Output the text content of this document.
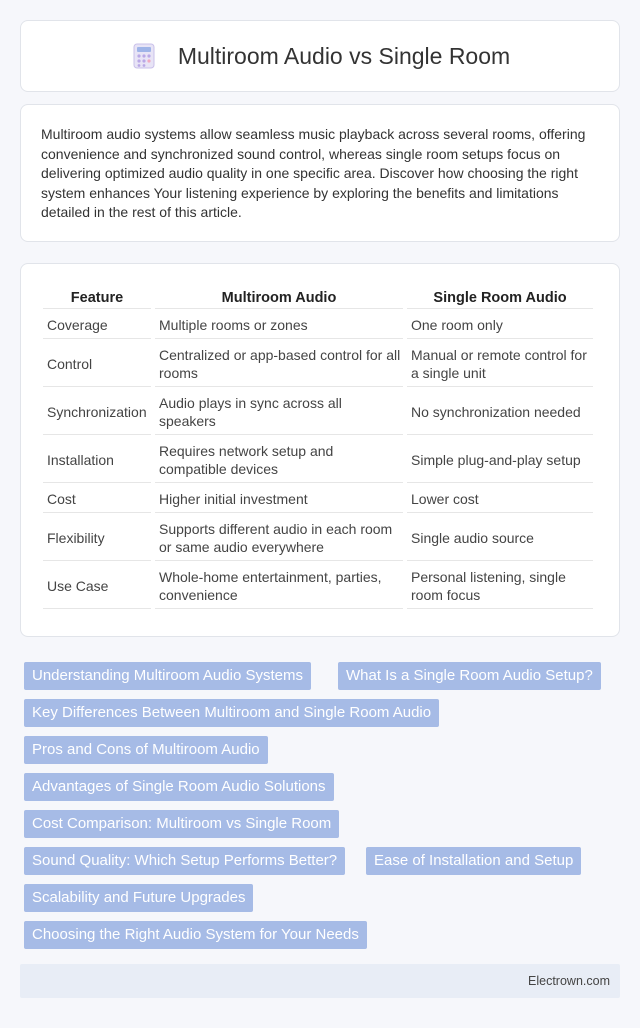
Multiroom Audio vs Single Room

Multiroom audio systems allow seamless music playback across several rooms, offering convenience and synchronized sound control, whereas single room setups focus on delivering optimized audio quality in one specific area. Discover how choosing the right system enhances Your listening experience by exploring the benefits and limitations detailed in the rest of this article.

Feature	Multiroom Audio	Single Room Audio
Coverage	Multiple rooms or zones	One room only
Control	Centralized or app-based control for all rooms	Manual or remote control for a single unit
Synchronization	Audio plays in sync across all speakers	No synchronization needed
Installation	Requires network setup and compatible devices	Simple plug-and-play setup
Cost	Higher initial investment	Lower cost
Flexibility	Supports different audio in each room or same audio everywhere	Single audio source
Use Case	Whole-home entertainment, parties, convenience	Personal listening, single room focus
Understanding Multiroom Audio Systems	What Is a Single Room Audio Setup?
Key Differences Between Multiroom and Single Room Audio
Pros and Cons of Multiroom Audio
Advantages of Single Room Audio Solutions
Cost Comparison: Multiroom vs Single Room
Sound Quality: Which Setup Performs Better?	Ease of Installation and Setup
Scalability and Future Upgrades
Choosing the Right Audio System for Your Needs
Electrown.com
